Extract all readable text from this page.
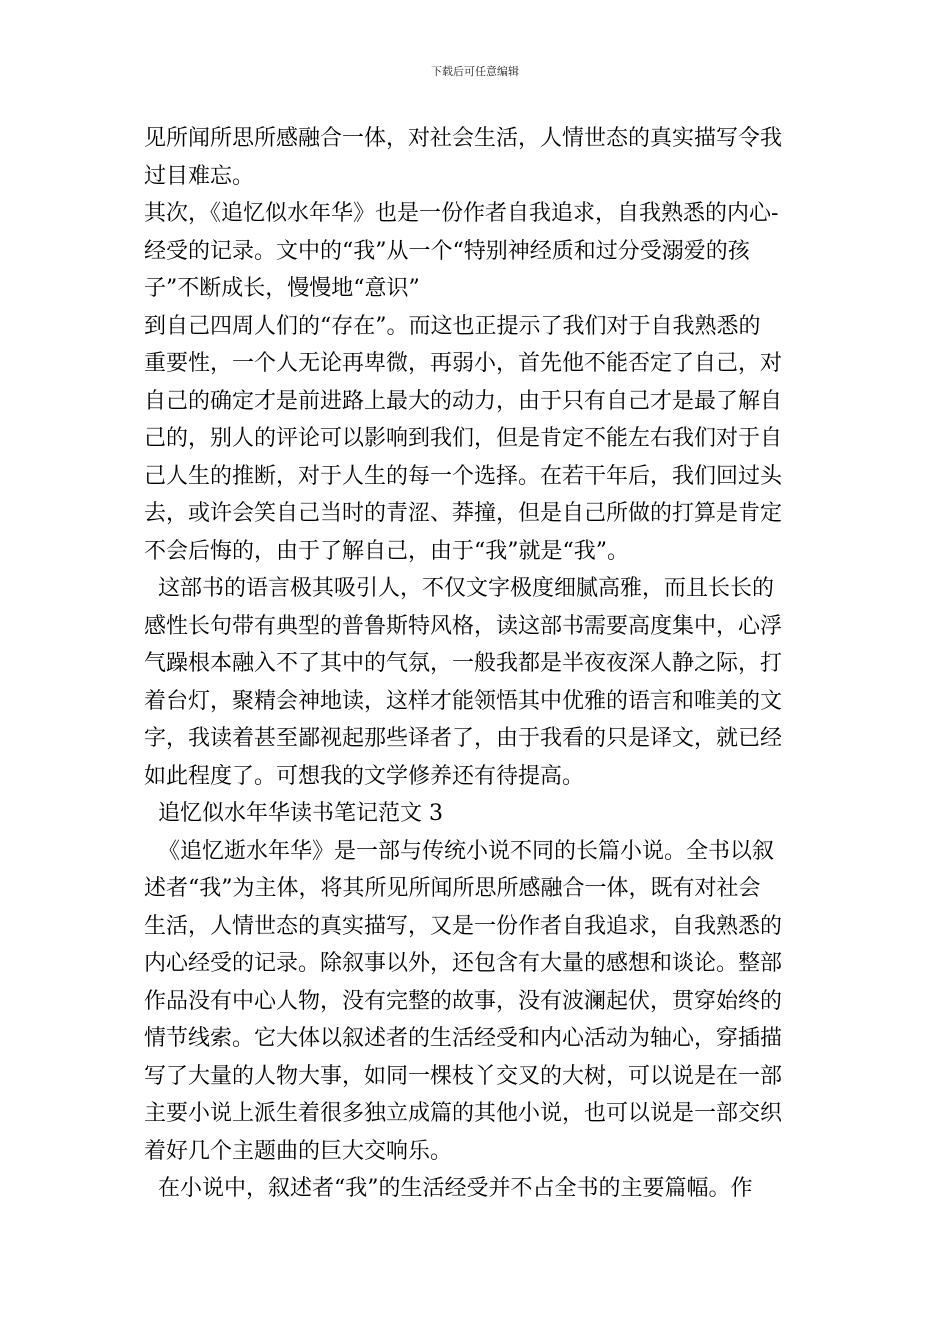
下载后可任意编辑
见所闻所思所感融合一体，对社会生活，人情世态的真实描写令我
过目难忘。
其次，《追忆似水年华》也是一份作者自我追求，自我熟悉的内心-
经受的记录。文中的“我”从一个“特别神经质和过分受溺爱的孩
子”不断成长，慢慢地“意识”
到自己四周人们的“存在”。而这也正提示了我们对于自我熟悉的
重要性，一个人无论再卑微，再弱小，首先他不能否定了自己，对
自己的确定才是前进路上最大的动力，由于只有自己才是最了解自
己的，别人的评论可以影响到我们，但是肯定不能左右我们对于自
己人生的推断，对于人生的每一个选择。在若干年后，我们回过头
去，或许会笑自己当时的青涩、莽撞，但是自己所做的打算是肯定
不会后悔的，由于了解自己，由于“我”就是“我”。
这部书的语言极其吸引人，不仅文字极度细腻高雅，而且长长的
感性长句带有典型的普鲁斯特风格，读这部书需要高度集中，心浮
气躁根本融入不了其中的气氛，一般我都是半夜夜深人静之际，打
着台灯，聚精会神地读，这样才能领悟其中优雅的语言和唯美的文
字，我读着甚至鄙视起那些译者了，由于我看的只是译文，就已经
如此程度了。可想我的文学修养还有待提高。
追忆似水年华读书笔记范文 3
《追忆逝水年华》是一部与传统小说不同的长篇小说。全书以叙
述者“我”为主体，将其所见所闻所思所感融合一体，既有对社会
生活，人情世态的真实描写，又是一份作者自我追求，自我熟悉的
内心经受的记录。除叙事以外，还包含有大量的感想和谈论。整部
作品没有中心人物，没有完整的故事，没有波澜起伏，贯穿始终的
情节线索。它大体以叙述者的生活经受和内心活动为轴心，穿插描
写了大量的人物大事，如同一棵枝丫交叉的大树，可以说是在一部
主要小说上派生着很多独立成篇的其他小说，也可以说是一部交织
着好几个主题曲的巨大交响乐。
在小说中，叙述者“我”的生活经受并不占全书的主要篇幅。作
